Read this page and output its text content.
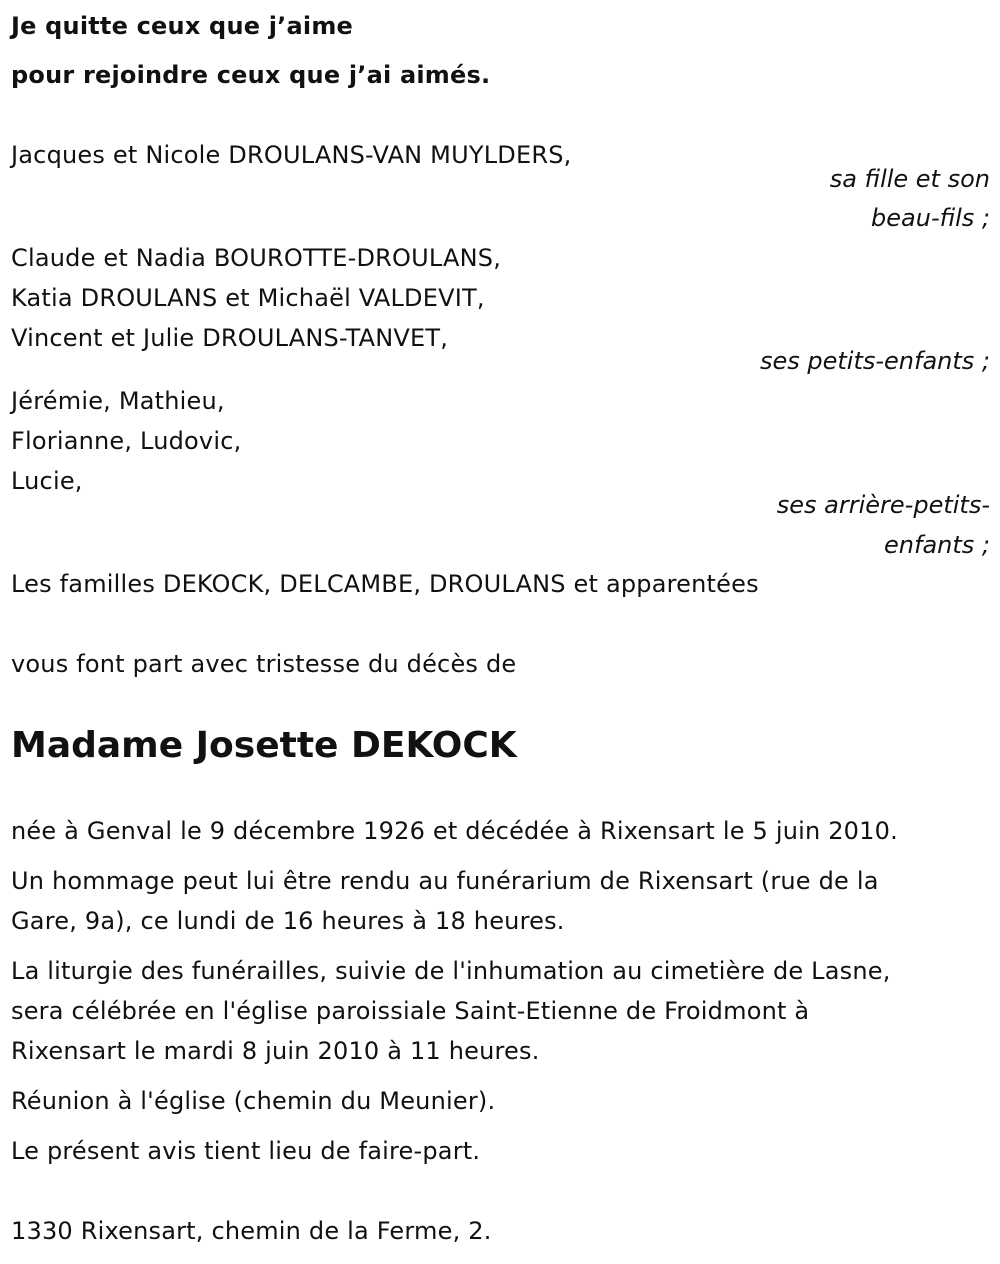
Je quitte ceux que j’aime
pour rejoindre ceux que j’ai aimés.
Jacques et Nicole DROULANS-VAN MUYLDERS,
sa fille et son
beau-fils ;
Claude et Nadia BOUROTTE-DROULANS,
Katia DROULANS et Michaël VALDEVIT,
Vincent et Julie DROULANS-TANVET,
ses petits-enfants ;
Jérémie, Mathieu,
Florianne, Ludovic,
Lucie,
ses arrière-petits-
enfants ;
Les familles DEKOCK, DELCAMBE, DROULANS et apparentées
vous font part avec tristesse du décès de
Madame Josette DEKOCK
née à Genval le 9 décembre 1926 et décédée à Rixensart le 5 juin 2010.
Un hommage peut lui être rendu au funérarium de Rixensart (rue de la
Gare, 9a), ce lundi de 16 heures à 18 heures.
La liturgie des funérailles, suivie de l'inhumation au cimetière de Lasne,
sera célébrée en l'église paroissiale Saint-Etienne de Froidmont à
Rixensart le mardi 8 juin 2010 à 11 heures.
Réunion à l'église (chemin du Meunier).
Le présent avis tient lieu de faire-part.
1330 Rixensart, chemin de la Ferme, 2.
